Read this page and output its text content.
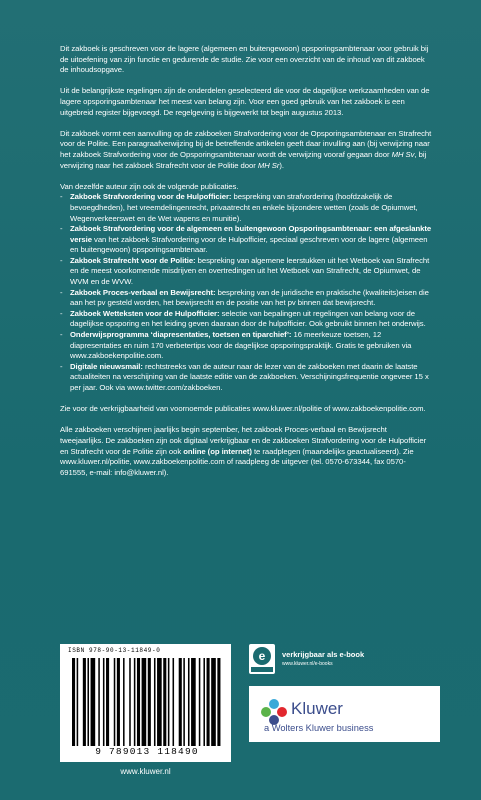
Dit zakboek is geschreven voor de lagere (algemeen en buitengewoon) opsporingsambtenaar voor gebruik bij de uitoefening van zijn functie en gedurende de studie. Zie voor een overzicht van de inhoud van dit zakboek de inhoudsopgave.

Uit de belangrijkste regelingen zijn de onderdelen geselecteerd die voor de dagelijkse werkzaamheden van de lagere opsporingsambtenaar het meest van belang zijn. Voor een goed gebruik van het zakboek is een uitgebreid register bijgevoegd. De regelgeving is bijgewerkt tot begin augustus 2013.

Dit zakboek vormt een aanvulling op de zakboeken Strafvordering voor de Opsporingsambtenaar en Strafrecht voor de Politie. Een paragraafverwijzing bij de betreffende artikelen geeft daar invulling aan (bij verwijzing naar het zakboek Strafvordering voor de Opsporingsambtenaar wordt de verwijzing vooraf gegaan door MH Sv, bij verwijzing naar het zakboek Strafrecht voor de Politie door MH Sr).

Van dezelfde auteur zijn ook de volgende publicaties.
- Zakboek Strafvordering voor de Hulpofficier: bespreking van strafvordering (hoofdzakelijk de bevoegdheden), het vreemdelingenrecht, privaatrecht en enkele bijzondere wetten (zoals de Opiumwet, Wegenverkeerswet en de Wet wapens en munitie).
- Zakboek Strafvordering voor de algemeen en buitengewoon Opsporingsambtenaar: een afgeslankte versie van het zakboek Strafvordering voor de Hulpofficier, speciaal geschreven voor de lagere (algemeen en buitengewoon) opsporingsambtenaar.
- Zakboek Strafrecht voor de Politie: bespreking van algemene leerstukken uit het Wetboek van Strafrecht en de meest voorkomende misdrijven en overtredingen uit het Wetboek van Strafrecht, de Opiumwet, de WVM en de WVW.
- Zakboek Proces-verbaal en Bewijsrecht: bespreking van de juridische en praktische (kwaliteits)eisen die aan het pv gesteld worden, het bewijsrecht en de positie van het pv binnen dat bewijsrecht.
- Zakboek Wetteksten voor de Hulpofficier: selectie van bepalingen uit regelingen van belang voor de dagelijkse opsporing en het leiding geven daaraan door de hulpofficier. Ook gebruikt binnen het onderwijs.
- Onderwijsprogramma ‘diapresentaties, toetsen en tiparchief’: 16 meerkeuze toetsen, 12 diapresentaties en ruim 170 verbetertips voor de dagelijkse opsporingspraktijk. Gratis te gebruiken via www.zakboekenpolitie.com.
- Digitale nieuwsmail: rechtstreeks van de auteur naar de lezer van de zakboeken met daarin de laatste actualiteiten na verschijning van de laatste editie van de zakboeken. Verschijningsfrequentie ongeveer 15 x per jaar. Ook via www.twitter.com/zakboeken.

Zie voor de verkrijgbaarheid van voornoemde publicaties www.kluwer.nl/politie of www.zakboekenpolitie.com.

Alle zakboeken verschijnen jaarlijks begin september, het zakboek Proces-verbaal en Bewijsrecht tweejaarlijks. De zakboeken zijn ook digitaal verkrijgbaar en de zakboeken Strafvordering voor de Hulpofficier en Strafrecht voor de Politie zijn ook online (op internet) te raadplegen (maandelijks geactualiseerd). Zie www.kluwer.nl/politie, www.zakboekenpolitie.com of raadpleeg de uitgever (tel. 0570-673344, fax 0570-691555, e-mail: info@kluwer.nl).

ISBN 978-90-13-11849-0
9 789013 118490
www.kluwer.nl
e verkrijgbaar als e-book
www.kluwer.nl/e-books
Kluwer
a Wolters Kluwer business
